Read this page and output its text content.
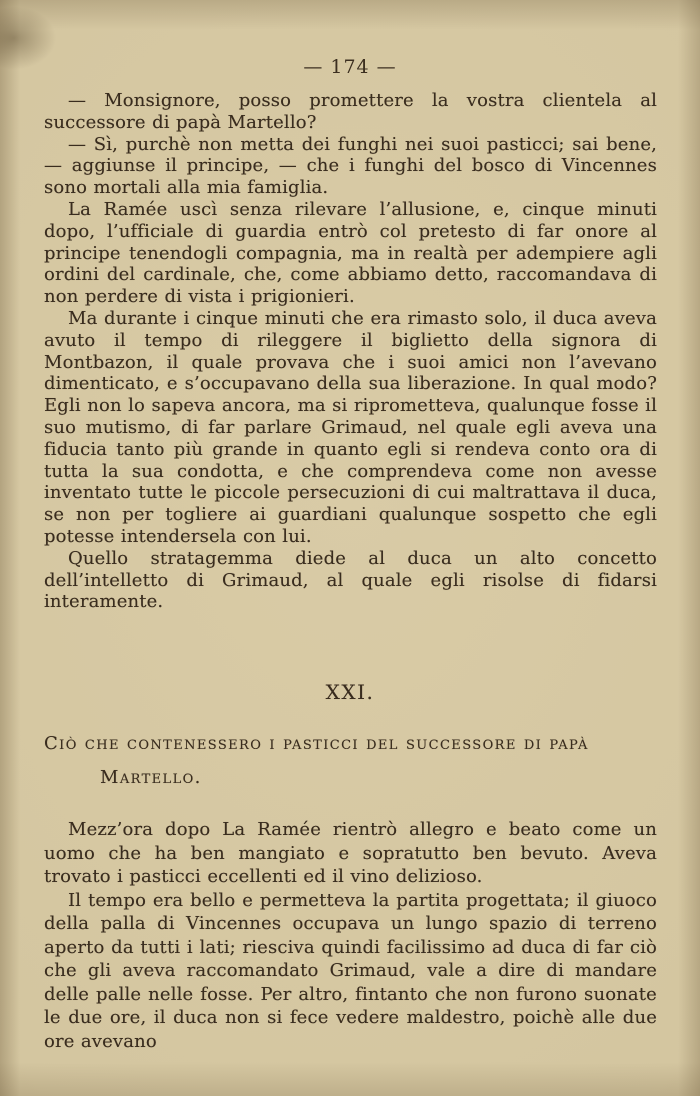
— 174 —

— Monsignore, posso promettere la vostra clientela al successore di papà Martello?

— Sì, purchè non metta dei funghi nei suoi pasticci; sai bene, — aggiunse il principe, — che i funghi del bosco di Vincennes sono mortali alla mia famiglia.

La Ramée uscì senza rilevare l’allusione, e, cinque minuti dopo, l’ufficiale di guardia entrò col pretesto di far onore al principe tenendogli compagnia, ma in realtà per adempiere agli ordini del cardinale, che, come abbiamo detto, raccomandava di non perdere di vista i prigionieri.

Ma durante i cinque minuti che era rimasto solo, il duca aveva avuto il tempo di rileggere il biglietto della signora di Montbazon, il quale provava che i suoi amici non l’avevano dimenticato, e s’occupavano della sua liberazione. In qual modo? Egli non lo sapeva ancora, ma si riprometteva, qualunque fosse il suo mutismo, di far parlare Grimaud, nel quale egli aveva una fiducia tanto più grande in quanto egli si rendeva conto ora di tutta la sua condotta, e che comprendeva come non avesse inventato tutte le piccole persecuzioni di cui maltrattava il duca, se non per togliere ai guardiani qualunque sospetto che egli potesse intendersela con lui.

Quello stratagemma diede al duca un alto concetto dell’intelletto di Grimaud, al quale egli risolse di fidarsi interamente.

XXI.
Ciò che contenessero i pasticci del successore di papà
Martello.

Mezz’ora dopo La Ramée rientrò allegro e beato come un uomo che ha ben mangiato e sopratutto ben bevuto. Aveva trovato i pasticci eccellenti ed il vino delizioso.

Il tempo era bello e permetteva la partita progettata; il giuoco della palla di Vincennes occupava un lungo spazio di terreno aperto da tutti i lati; riesciva quindi facilissimo ad duca di far ciò che gli aveva raccomandato Grimaud, vale a dire di mandare delle palle nelle fosse. Per altro, fintanto che non furono suonate le due ore, il duca non si fece vedere maldestro, poichè alle due ore avevano
